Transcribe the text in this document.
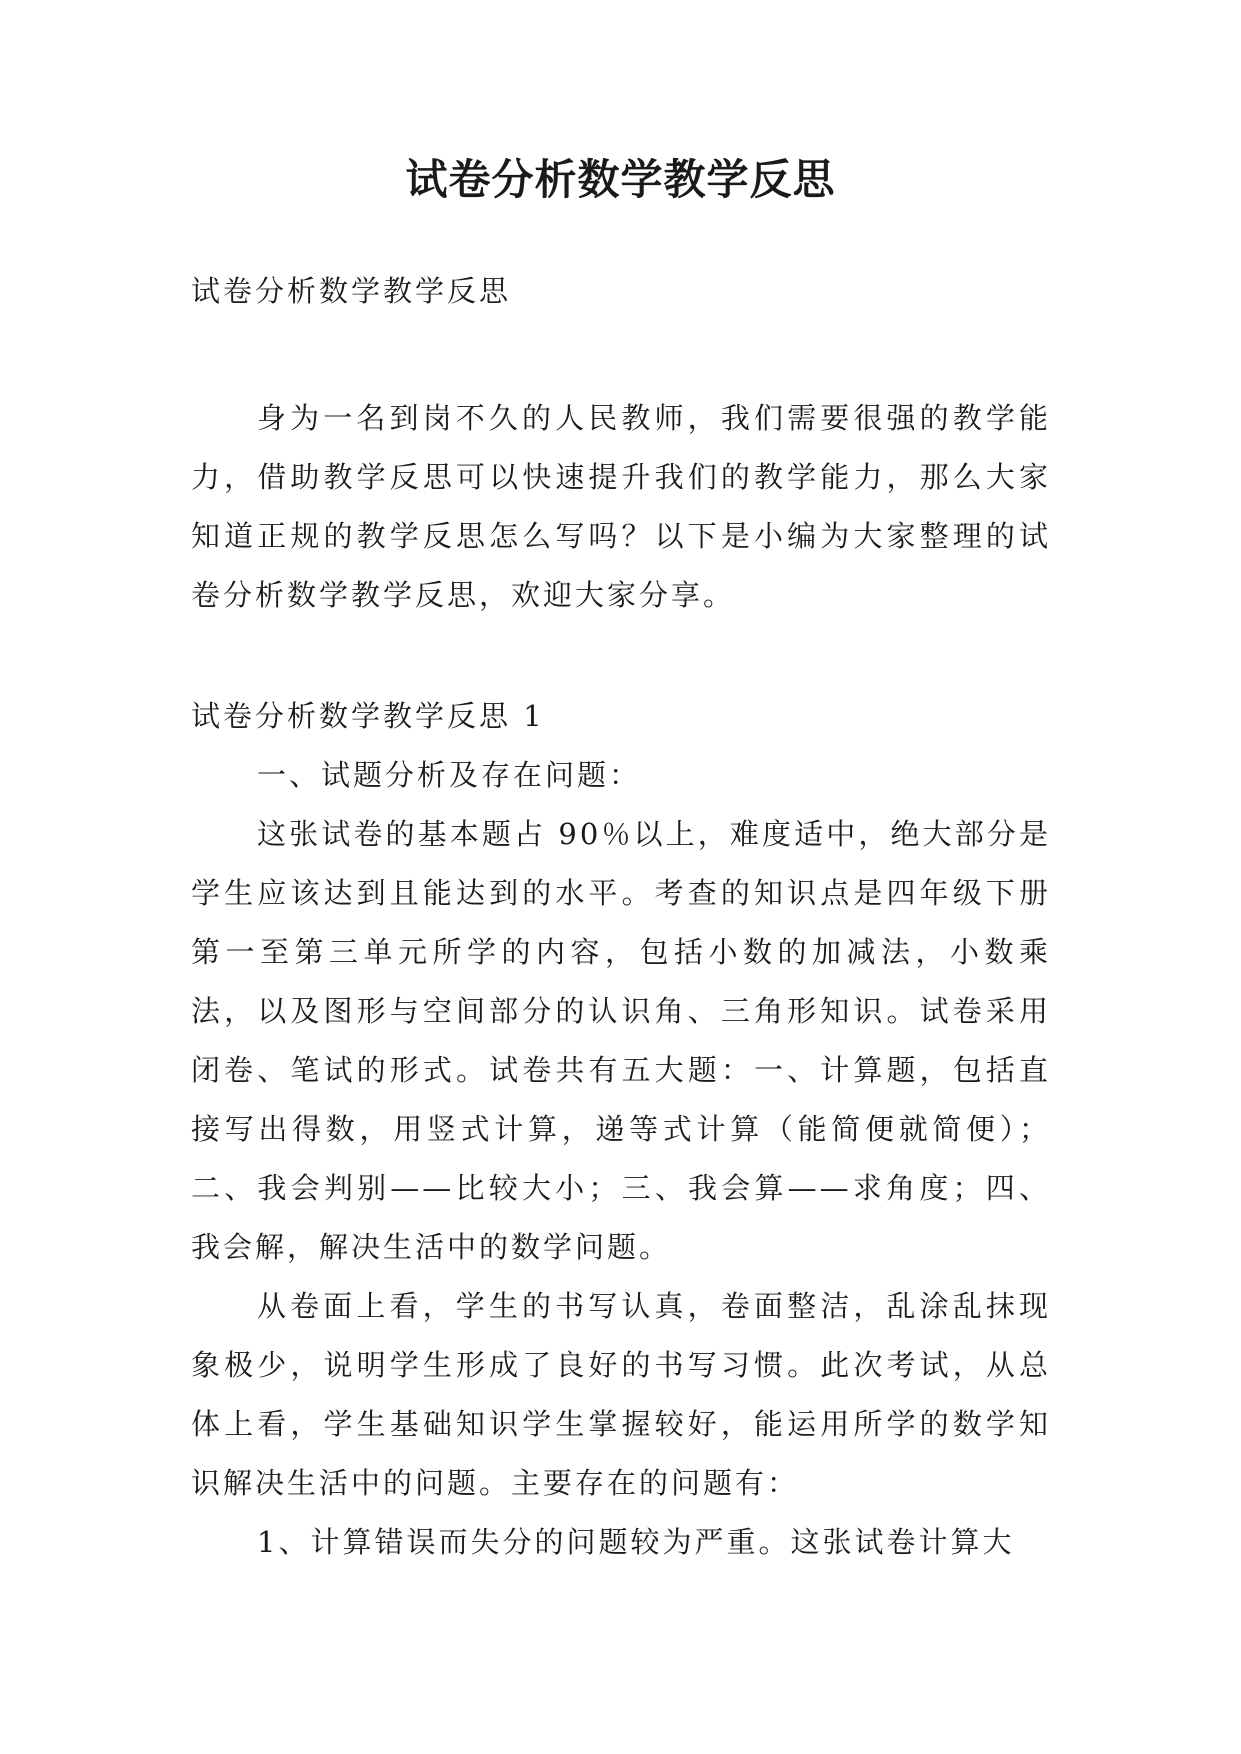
试卷分析数学教学反思

试卷分析数学教学反思

身为一名到岗不久的人民教师，我们需要很强的教学能力，借助教学反思可以快速提升我们的教学能力，那么大家知道正规的教学反思怎么写吗？以下是小编为大家整理的试卷分析数学教学反思，欢迎大家分享。

试卷分析数学教学反思 1

一、试题分析及存在问题：

这张试卷的基本题占 90％以上，难度适中，绝大部分是学生应该达到且能达到的水平。考查的知识点是四年级下册第一至第三单元所学的内容，包括小数的加减法，小数乘法，以及图形与空间部分的认识角、三角形知识。试卷采用闭卷、笔试的形式。试卷共有五大题：一、计算题，包括直接写出得数，用竖式计算，递等式计算（能简便就简便）；二、我会判别——比较大小；三、我会算——求角度；四、我会解，解决生活中的数学问题。

从卷面上看，学生的书写认真，卷面整洁，乱涂乱抹现象极少，说明学生形成了良好的书写习惯。此次考试，从总体上看，学生基础知识学生掌握较好，能运用所学的数学知识解决生活中的问题。主要存在的问题有：

1、计算错误而失分的问题较为严重。这张试卷计算大
